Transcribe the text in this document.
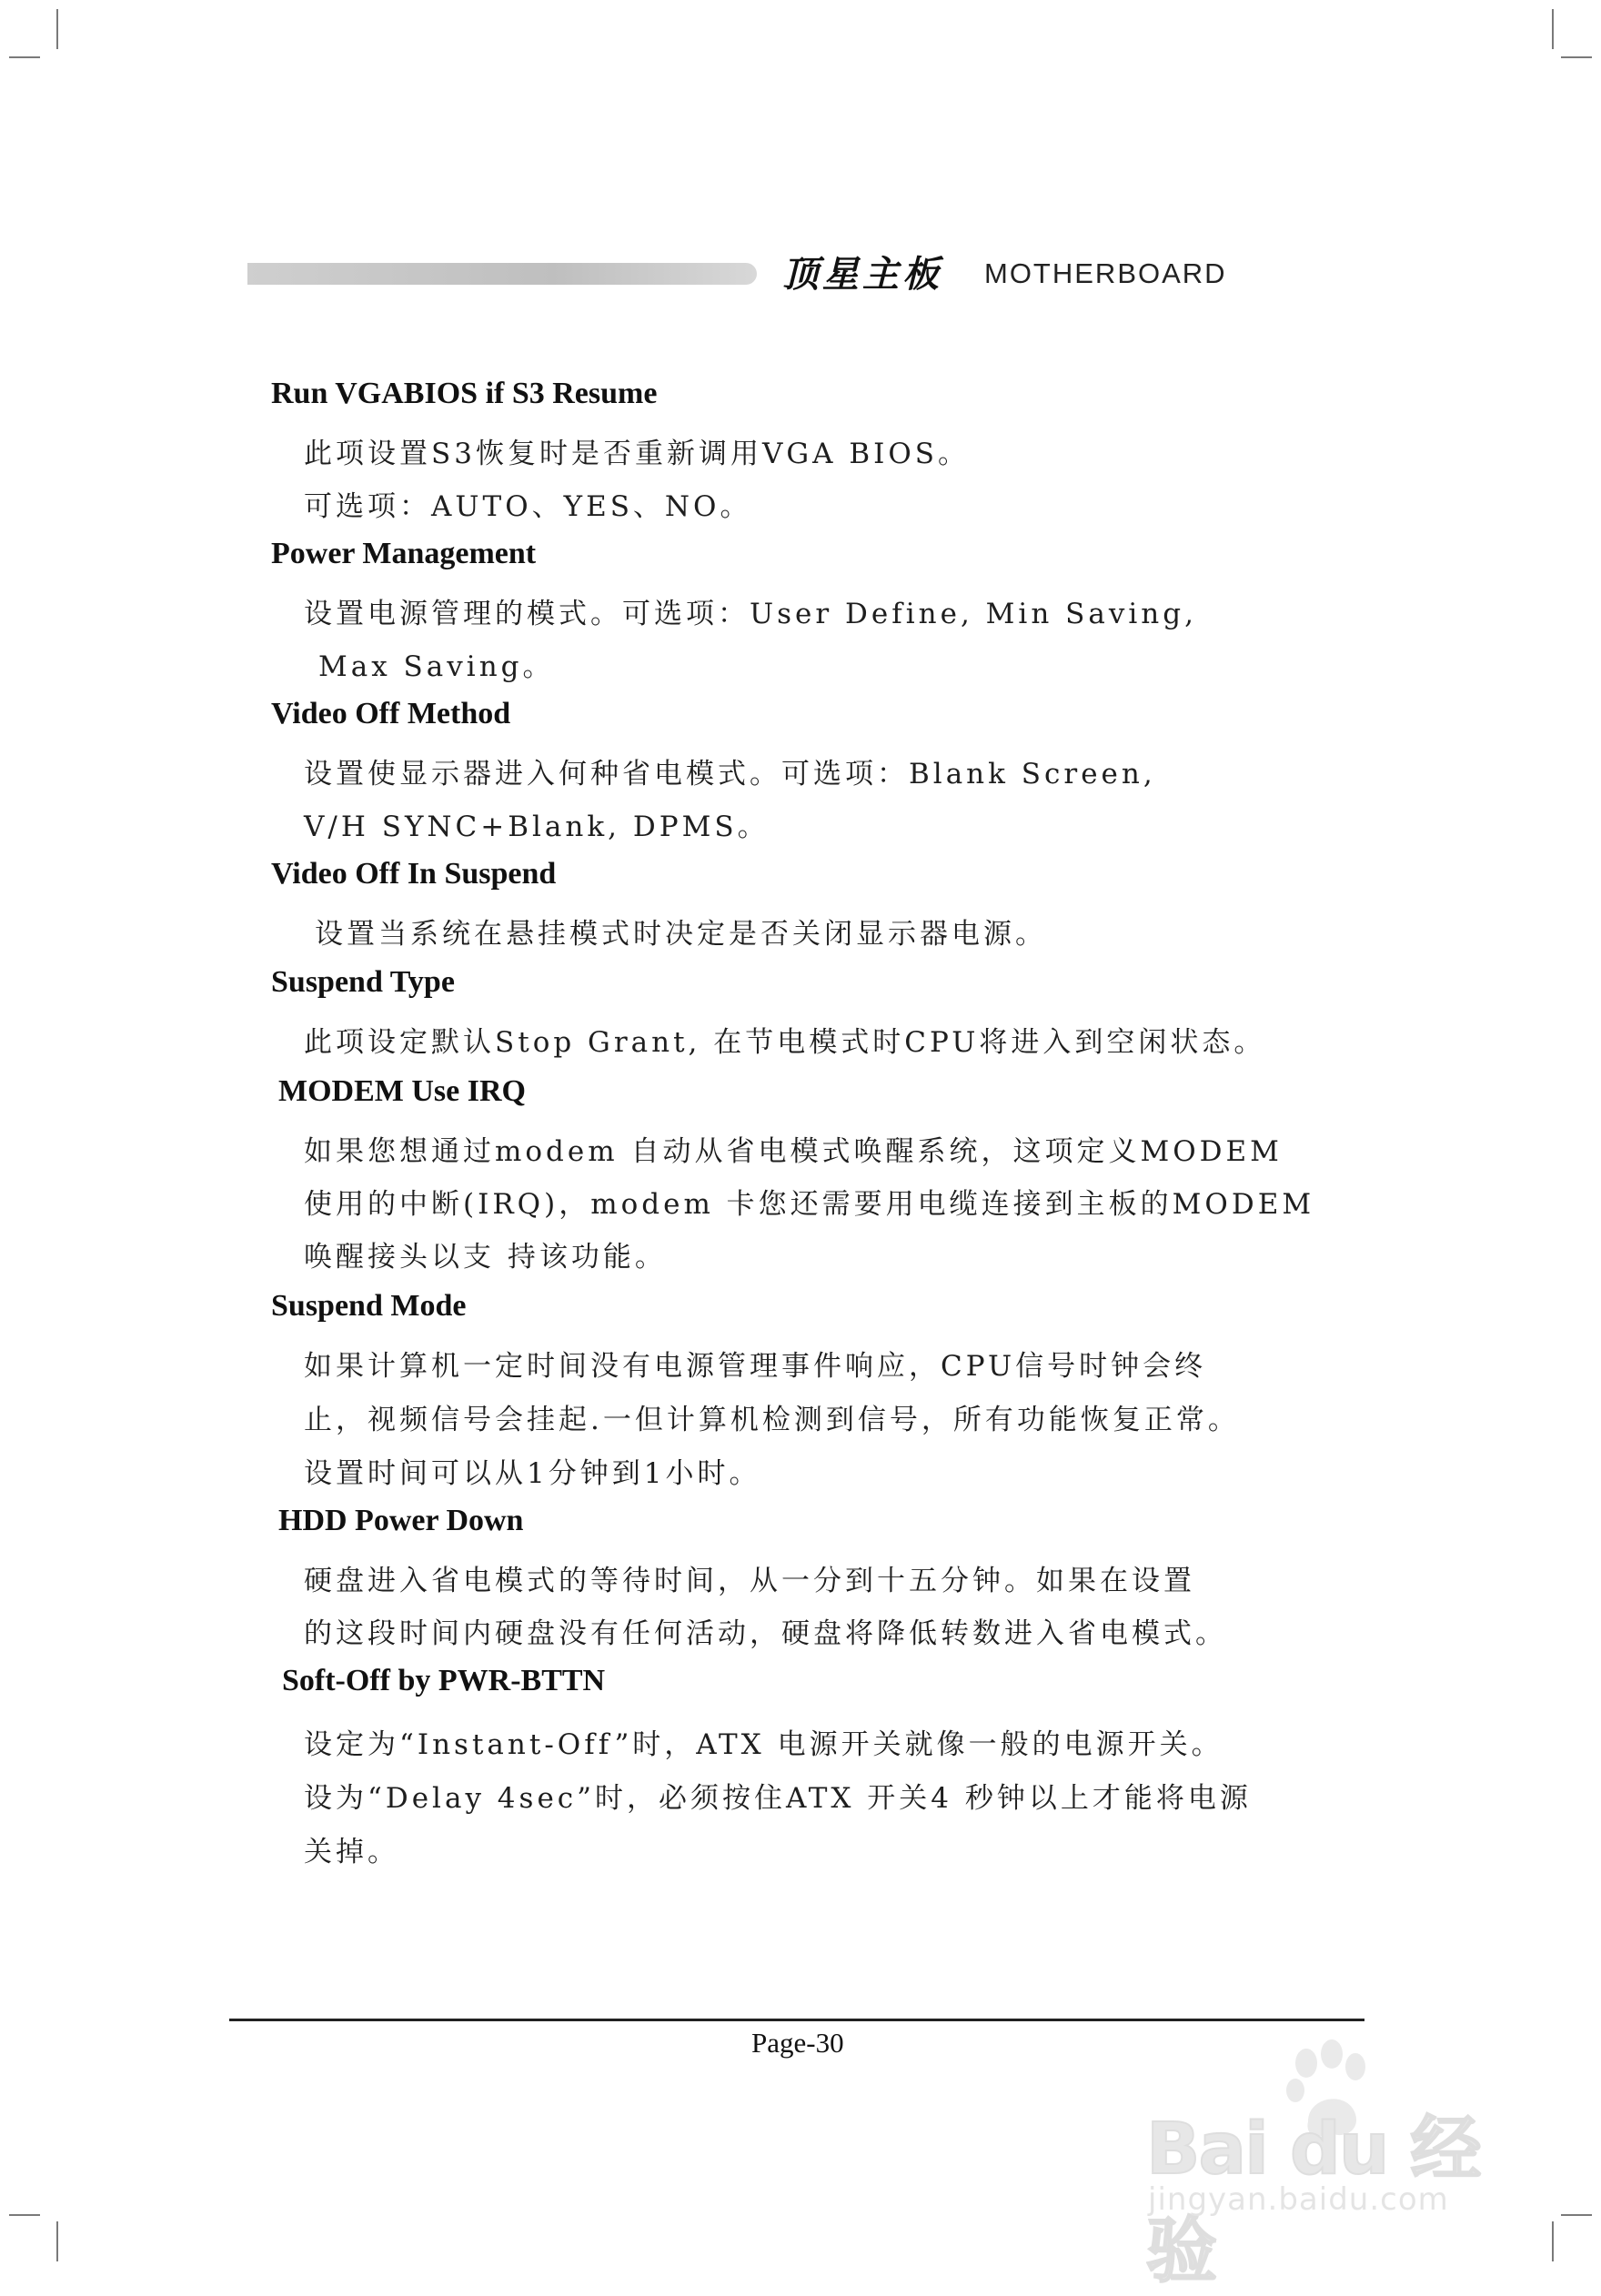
顶星主板 MOTHERBOARD
Run VGABIOS if S3 Resume
此项设置S3恢复时是否重新调用VGA BIOS。
可选项：AUTO、YES、NO。
Power Management
设置电源管理的模式。可选项：User Define, Min Saving,
Max Saving。
Video Off Method
设置使显示器进入何种省电模式。可选项：Blank Screen,
V/H SYNC+Blank, DPMS。
Video Off In Suspend
设置当系统在悬挂模式时决定是否关闭显示器电源。
Suspend Type
此项设定默认Stop Grant, 在节电模式时CPU将进入到空闲状态。
MODEM Use IRQ
如果您想通过modem 自动从省电模式唤醒系统，这项定义MODEM
使用的中断(IRQ)，modem 卡您还需要用电缆连接到主板的MODEM
唤醒接头以支 持该功能。
Suspend Mode
如果计算机一定时间没有电源管理事件响应，CPU信号时钟会终
止，视频信号会挂起.一但计算机检测到信号，所有功能恢复正常。
设置时间可以从1分钟到1小时。
HDD Power Down
硬盘进入省电模式的等待时间，从一分到十五分钟。如果在设置
的这段时间内硬盘没有任何活动，硬盘将降低转数进入省电模式。
Soft-Off by PWR-BTTN
设定为“Instant-Off”时，ATX 电源开关就像一般的电源开关。
设为“Delay 4sec”时，必须按住ATX 开关4 秒钟以上才能将电源
关掉。
Page-30
Bai du 经验
jingyan.baidu.com
